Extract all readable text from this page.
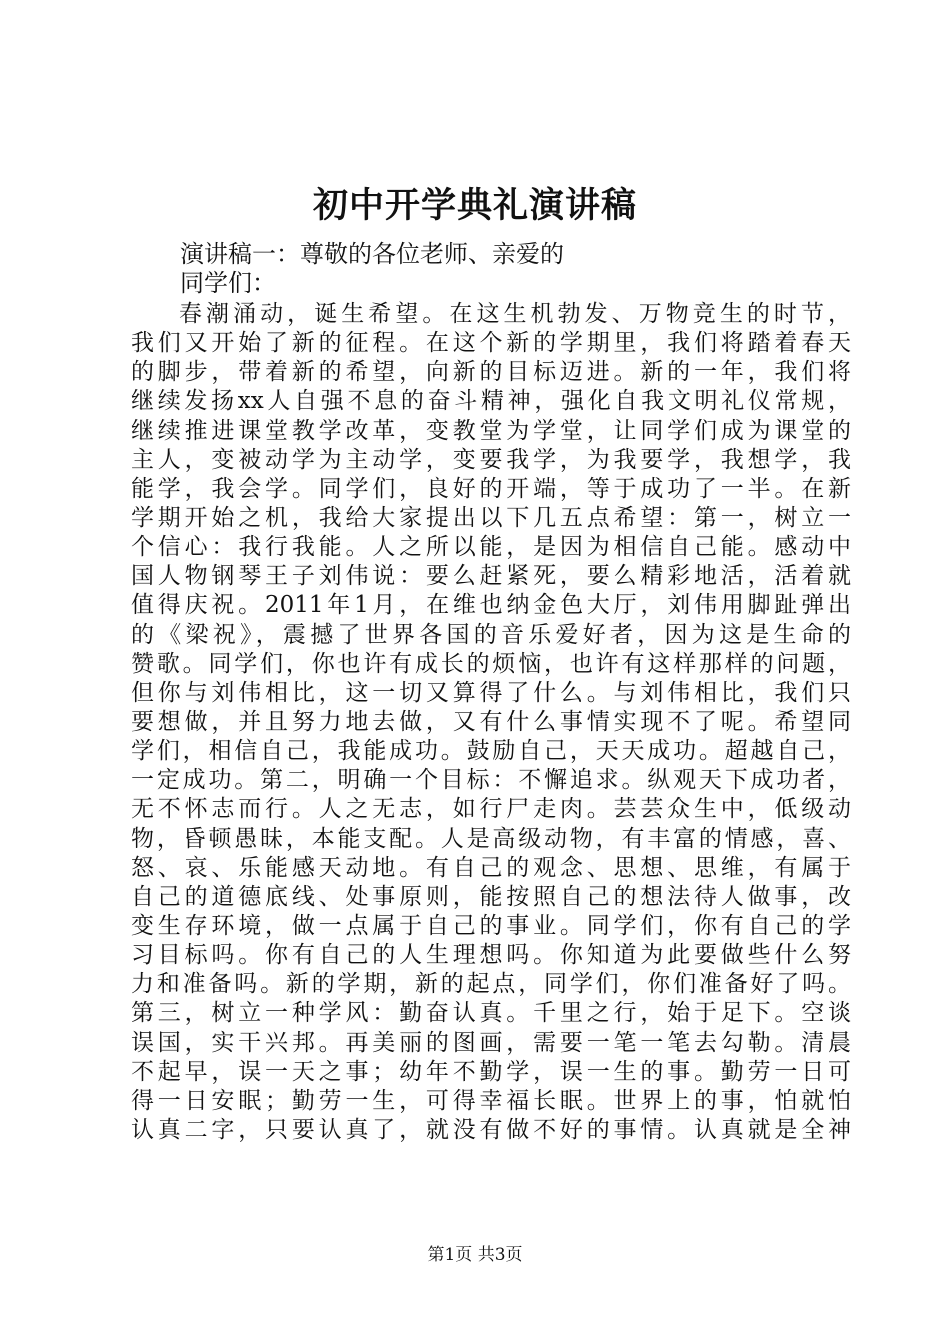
初中开学典礼演讲稿
演讲稿一：尊敬的各位老师、亲爱的
同学们：
春潮涌动，诞生希望。在这生机勃发、万物竞生的时节，
我们又开始了新的征程。在这个新的学期里，我们将踏着春天
的脚步，带着新的希望，向新的目标迈进。新的一年，我们将
继续发扬xx人自强不息的奋斗精神，强化自我文明礼仪常规，
继续推进课堂教学改革，变教堂为学堂，让同学们成为课堂的
主人，变被动学为主动学，变要我学，为我要学，我想学，我
能学，我会学。同学们，良好的开端，等于成功了一半。在新
学期开始之机，我给大家提出以下几五点希望：第一，树立一
个信心：我行我能。人之所以能，是因为相信自己能。感动中
国人物钢琴王子刘伟说：要么赶紧死，要么精彩地活，活着就
值得庆祝。2011年1月，在维也纳金色大厅，刘伟用脚趾弹出
的《梁祝》，震撼了世界各国的音乐爱好者，因为这是生命的
赞歌。同学们，你也许有成长的烦恼，也许有这样那样的问题，
但你与刘伟相比，这一切又算得了什么。与刘伟相比，我们只
要想做，并且努力地去做，又有什么事情实现不了呢。希望同
学们，相信自己，我能成功。鼓励自己，天天成功。超越自己，
一定成功。第二，明确一个目标：不懈追求。纵观天下成功者，
无不怀志而行。人之无志，如行尸走肉。芸芸众生中，低级动
物，昏顿愚昧，本能支配。人是高级动物，有丰富的情感，喜、
怒、哀、乐能感天动地。有自己的观念、思想、思维，有属于
自己的道德底线、处事原则，能按照自己的想法待人做事，改
变生存环境，做一点属于自己的事业。同学们，你有自己的学
习目标吗。你有自己的人生理想吗。你知道为此要做些什么努
力和准备吗。新的学期，新的起点，同学们，你们准备好了吗。
第三，树立一种学风：勤奋认真。千里之行，始于足下。空谈
误国，实干兴邦。再美丽的图画，需要一笔一笔去勾勒。清晨
不起早，误一天之事；幼年不勤学，误一生的事。勤劳一日可
得一日安眠；勤劳一生，可得幸福长眠。世界上的事，怕就怕
认真二字，只要认真了，就没有做不好的事情。认真就是全神
第1页 共3页
